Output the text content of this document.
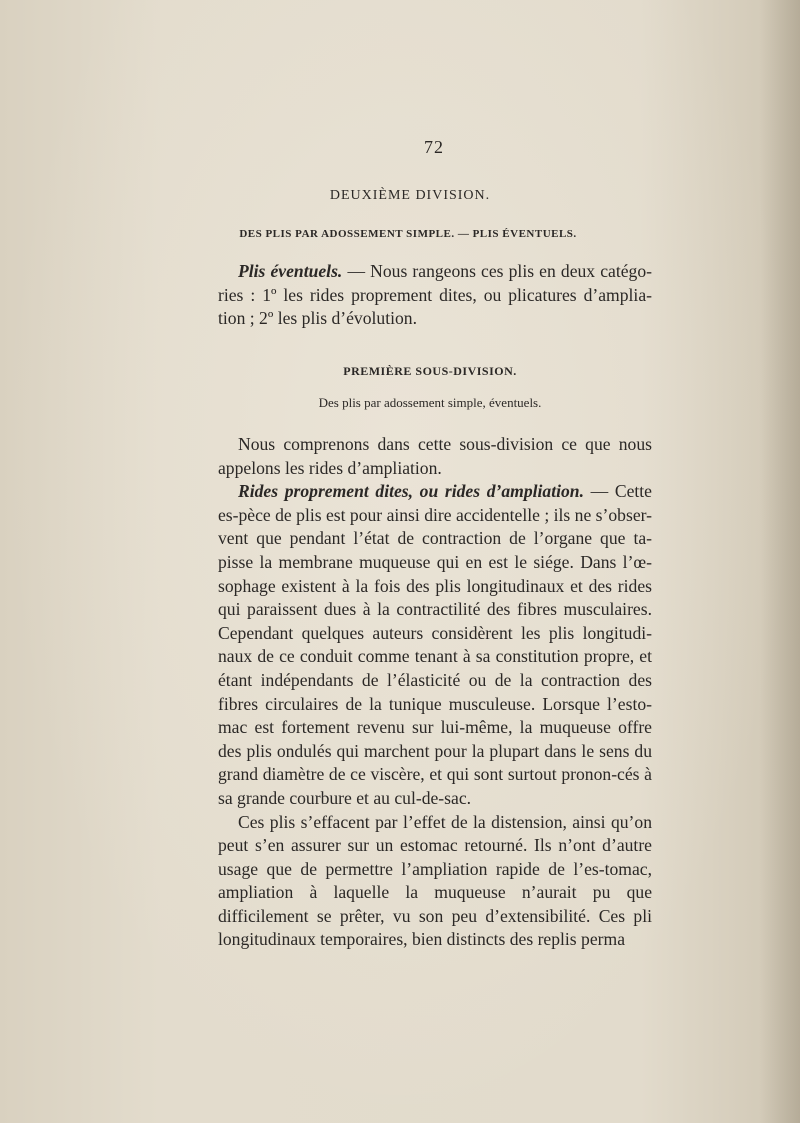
72
DEUXIÈME DIVISION.
DES PLIS PAR ADOSSEMENT SIMPLE. — PLIS ÉVENTUELS.

Plis éventuels. — Nous rangeons ces plis en deux catégo-ries : 1º les rides proprement dites, ou plicatures d’amplia-tion ; 2º les plis d’évolution.

PREMIÈRE SOUS-DIVISION.
Des plis par adossement simple, éventuels.

Nous comprenons dans cette sous-division ce que nous appelons les rides d’ampliation.

Rides proprement dites, ou rides d’ampliation. — Cette es-pèce de plis est pour ainsi dire accidentelle ; ils ne s’obser-vent que pendant l’état de contraction de l’organe que ta-pisse la membrane muqueuse qui en est le siége. Dans l’œ-sophage existent à la fois des plis longitudinaux et des rides qui paraissent dues à la contractilité des fibres musculaires. Cependant quelques auteurs considèrent les plis longitudi-naux de ce conduit comme tenant à sa constitution propre, et étant indépendants de l’élasticité ou de la contraction des fibres circulaires de la tunique musculeuse. Lorsque l’esto-mac est fortement revenu sur lui-même, la muqueuse offre des plis ondulés qui marchent pour la plupart dans le sens du grand diamètre de ce viscère, et qui sont surtout pronon-cés à sa grande courbure et au cul-de-sac.

Ces plis s’effacent par l’effet de la distension, ainsi qu’on peut s’en assurer sur un estomac retourné. Ils n’ont d’autre usage que de permettre l’ampliation rapide de l’es-tomac, ampliation à laquelle la muqueuse n’aurait pu que difficilement se prêter, vu son peu d’extensibilité. Ces pli longitudinaux temporaires, bien distincts des replis perma
